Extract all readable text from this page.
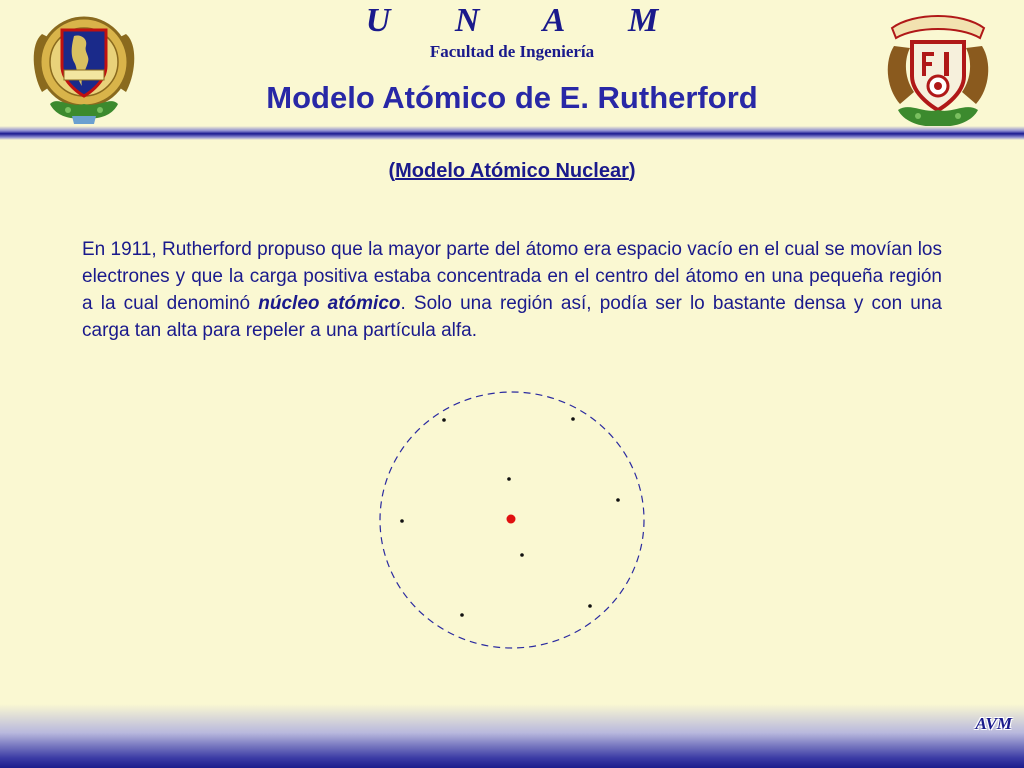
U N A M
Facultad de Ingeniería
Modelo Atómico de E. Rutherford
(Modelo Atómico Nuclear)
En 1911, Rutherford propuso que la mayor parte del átomo era espacio vacío en el cual se movían los electrones y que la carga positiva estaba concentrada en el centro del átomo en una pequeña región a la cual denominó núcleo atómico. Solo una región así, podía ser lo bastante densa y con una carga tan alta para repeler a una partícula alfa.
AVM
